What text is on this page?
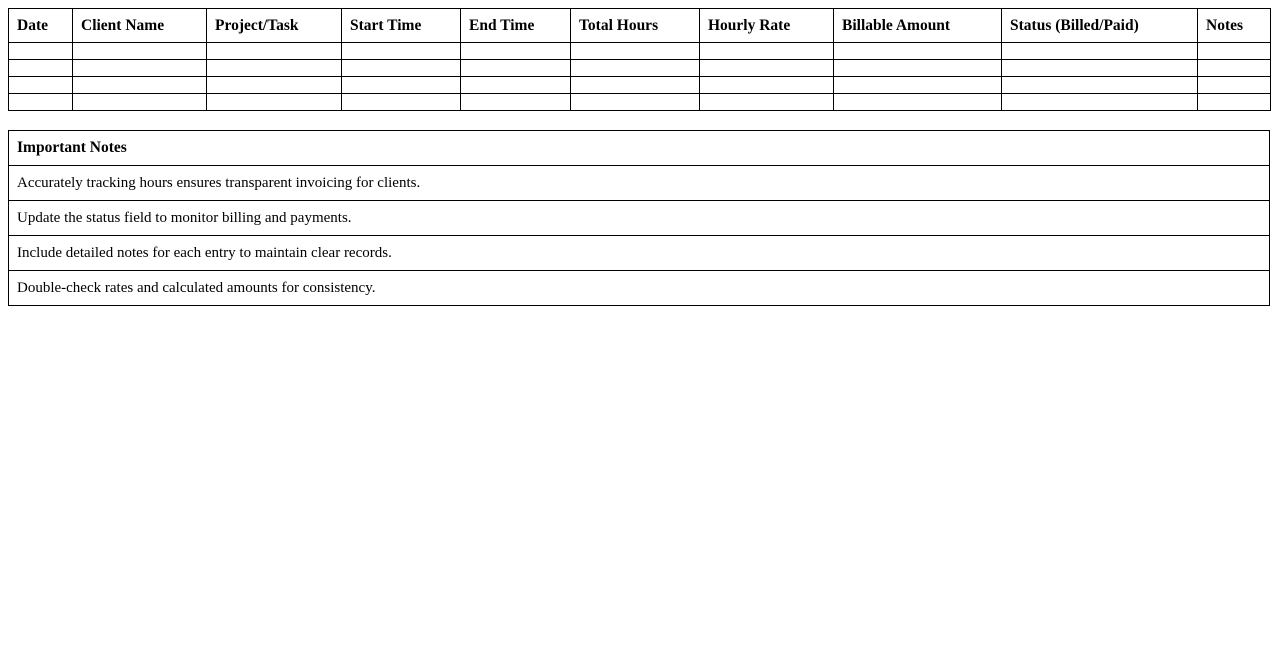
Date	Client Name	Project/Task	Start Time	End Time	Total Hours	Hourly Rate	Billable Amount	Status (Billed/Paid)	Notes

Important Notes
Accurately tracking hours ensures transparent invoicing for clients.
Update the status field to monitor billing and payments.
Include detailed notes for each entry to maintain clear records.
Double-check rates and calculated amounts for consistency.
